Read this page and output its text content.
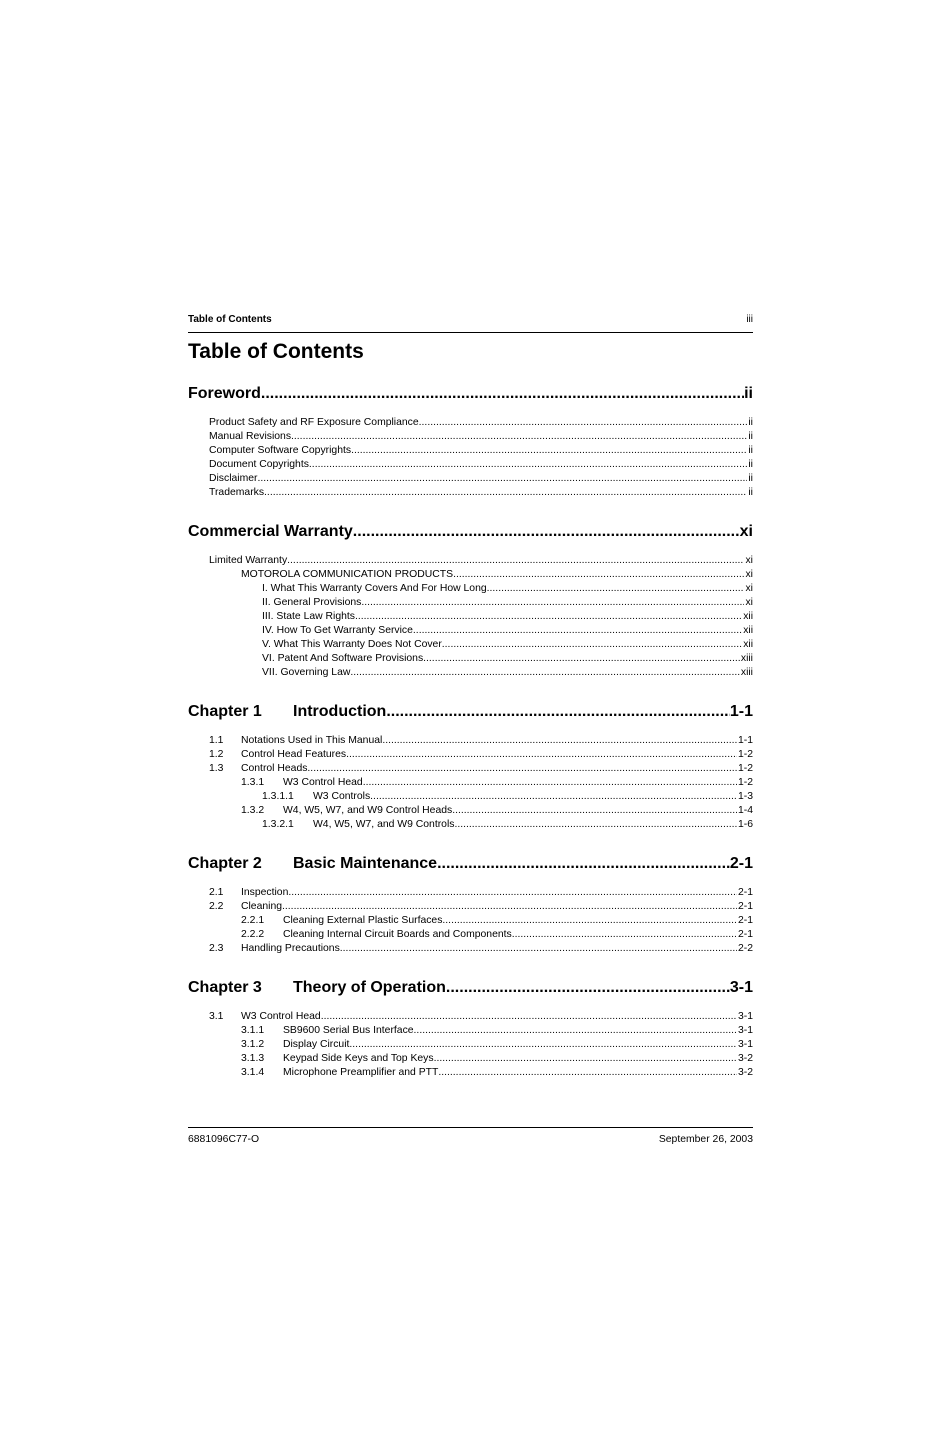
Table of Contents	iii
Table of Contents
Foreword .....	ii
Product Safety and RF Exposure Compliance .....	ii
Manual Revisions .....	ii
Computer Software Copyrights .....	ii
Document Copyrights .....	ii
Disclaimer .....	ii
Trademarks .....	ii
Commercial Warranty .....	xi
Limited Warranty .....	xi
MOTOROLA COMMUNICATION PRODUCTS .....	xi
I. What This Warranty Covers And For How Long .....	xi
II. General Provisions .....	xi
III. State Law Rights .....	xii
IV. How To Get Warranty Service .....	xii
V. What This Warranty Does Not Cover .....	xii
VI. Patent And Software Provisions .....	xiii
VII. Governing Law .....	xiii
Chapter 1	Introduction .....	1-1
1.1	Notations Used in This Manual .....	1-1
1.2	Control Head Features .....	1-2
1.3	Control Heads .....	1-2
1.3.1	W3 Control Head .....	1-2
1.3.1.1	W3 Controls .....	1-3
1.3.2	W4, W5, W7, and W9 Control Heads .....	1-4
1.3.2.1	W4, W5, W7, and W9 Controls .....	1-6
Chapter 2	Basic Maintenance .....	2-1
2.1	Inspection .....	2-1
2.2	Cleaning .....	2-1
2.2.1	Cleaning External Plastic Surfaces .....	2-1
2.2.2	Cleaning Internal Circuit Boards and Components .....	2-1
2.3	Handling Precautions .....	2-2
Chapter 3	Theory of Operation .....	3-1
3.1	W3 Control Head .....	3-1
3.1.1	SB9600 Serial Bus Interface .....	3-1
3.1.2	Display Circuit .....	3-1
3.1.3	Keypad Side Keys and Top Keys .....	3-2
3.1.4	Microphone Preamplifier and PTT .....	3-2
6881096C77-O	September 26, 2003
